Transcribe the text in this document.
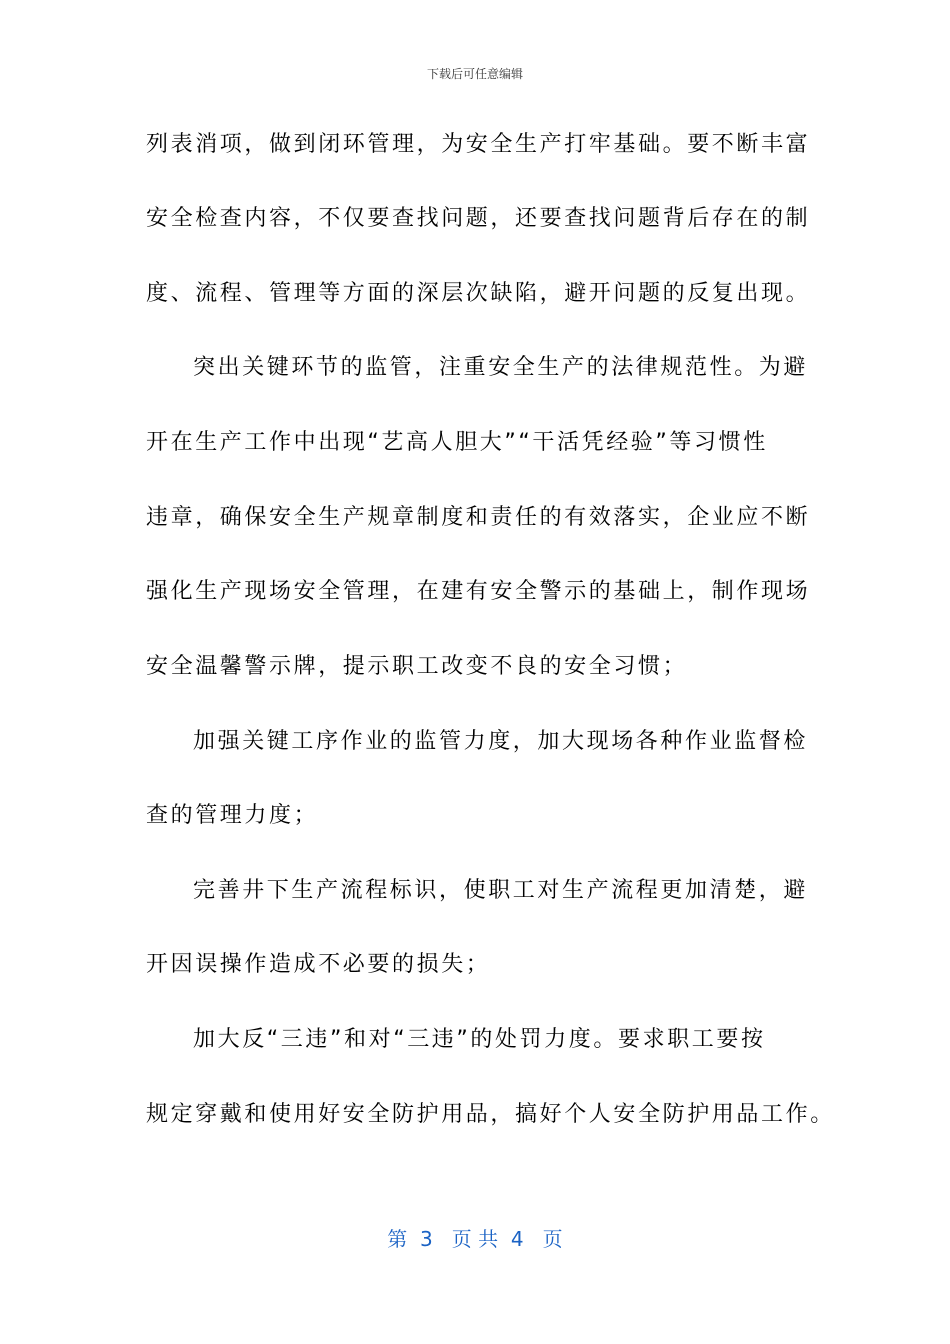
下载后可任意编辑
列表消项，做到闭环管理，为安全生产打牢基础。要不断丰富
安全检查内容，不仅要查找问题，还要查找问题背后存在的制
度、流程、管理等方面的深层次缺陷，避开问题的反复出现。
突出关键环节的监管，注重安全生产的法律规范性。为避
开在生产工作中出现“艺高人胆大”“干活凭经验”等习惯性
违章，确保安全生产规章制度和责任的有效落实，企业应不断
强化生产现场安全管理，在建有安全警示的基础上，制作现场
安全温馨警示牌，提示职工改变不良的安全习惯；
加强关键工序作业的监管力度，加大现场各种作业监督检
查的管理力度；
完善井下生产流程标识，使职工对生产流程更加清楚，避
开因误操作造成不必要的损失；
加大反“三违”和对“三违”的处罚力度。要求职工要按
规定穿戴和使用好安全防护用品，搞好个人安全防护用品工作。
第  3   页 共  4   页
